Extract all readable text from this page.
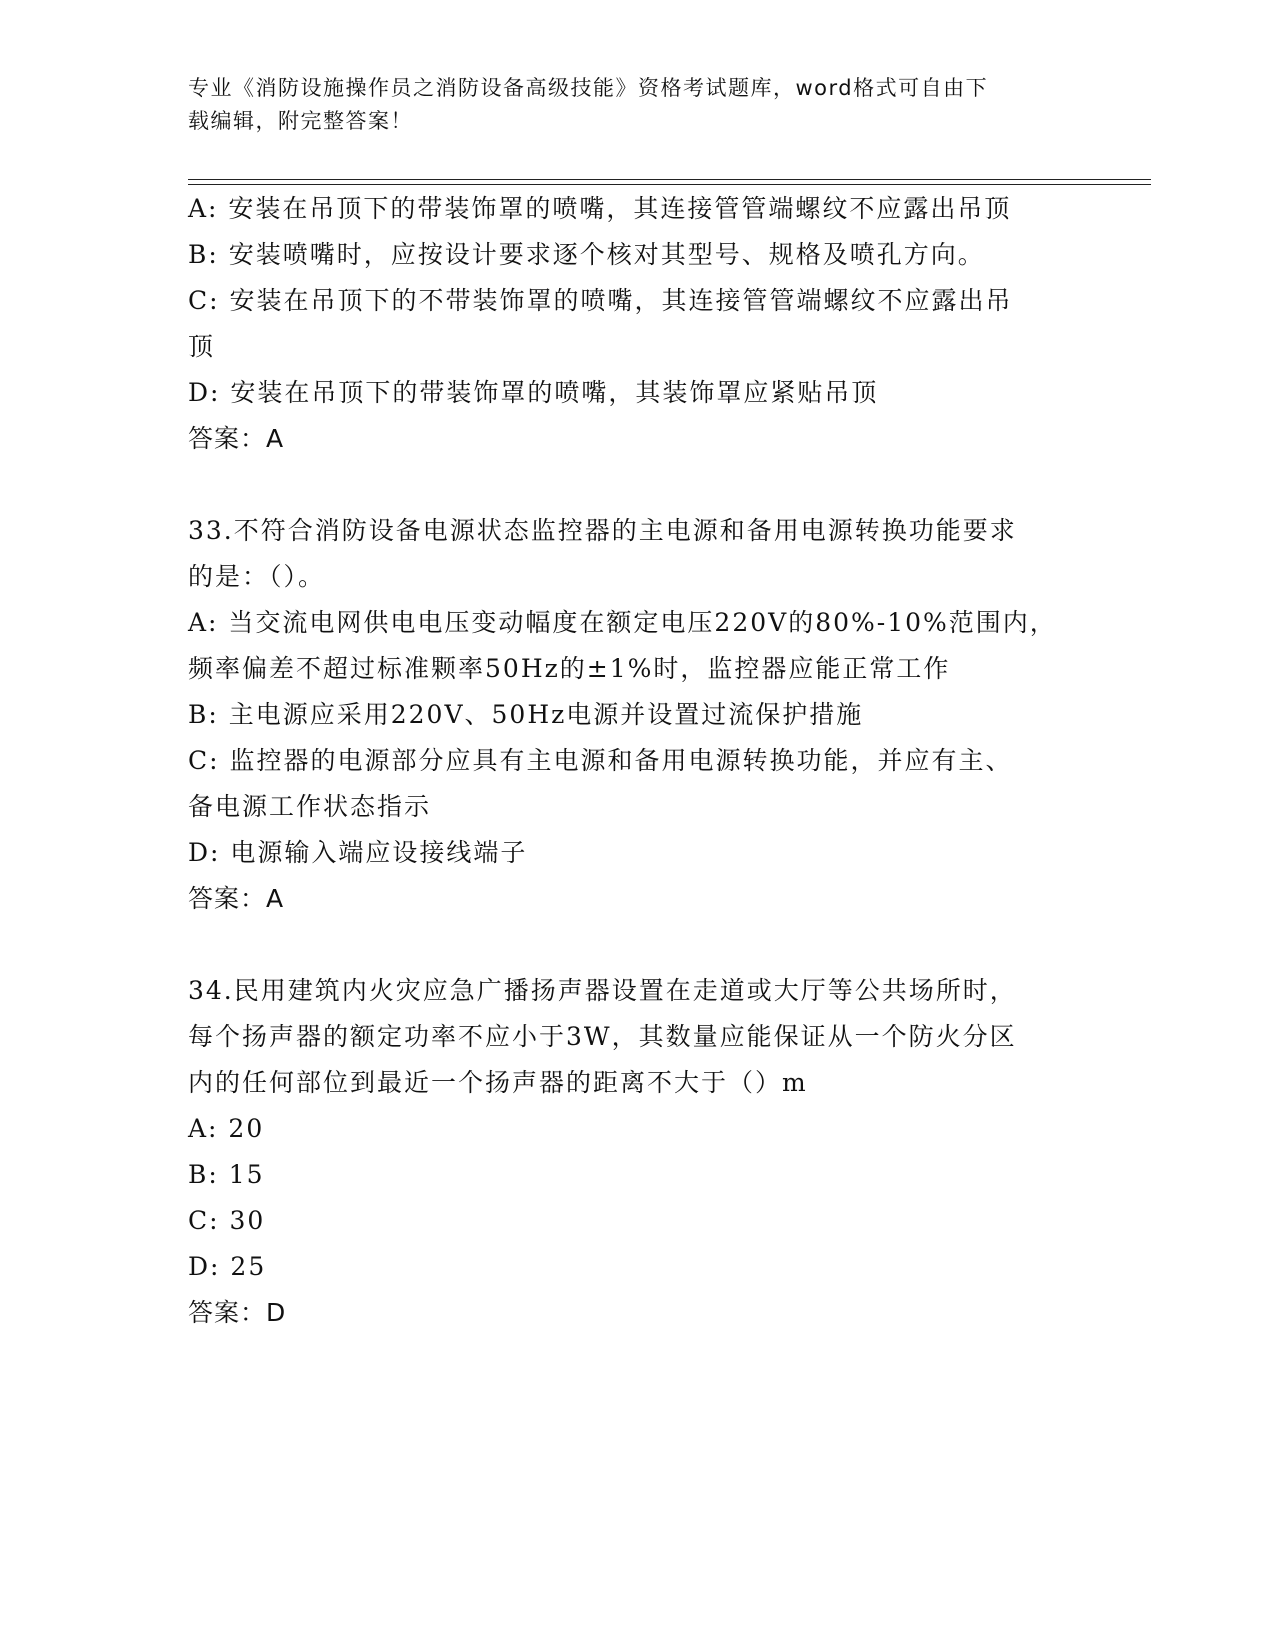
专业《消防设施操作员之消防设备高级技能》资格考试题库，word格式可自由下
载编辑，附完整答案！
A: 安装在吊顶下的带装饰罩的喷嘴，其连接管管端螺纹不应露出吊顶
B: 安装喷嘴时，应按设计要求逐个核对其型号、规格及喷孔方向。
C: 安装在吊顶下的不带装饰罩的喷嘴，其连接管管端螺纹不应露出吊
顶
D: 安装在吊顶下的带装饰罩的喷嘴，其装饰罩应紧贴吊顶
答案：A
33.不符合消防设备电源状态监控器的主电源和备用电源转换功能要求
的是：（）。
A: 当交流电网供电电压变动幅度在额定电压220V的80%-10%范围内，
频率偏差不超过标准颗率50Hz的±1%时，监控器应能正常工作
B: 主电源应采用220V、50Hz电源并设置过流保护措施
C: 监控器的电源部分应具有主电源和备用电源转换功能，并应有主、
备电源工作状态指示
D: 电源输入端应设接线端子
答案：A
34.民用建筑内火灾应急广播扬声器设置在走道或大厅等公共场所时，
每个扬声器的额定功率不应小于3W，其数量应能保证从一个防火分区
内的任何部位到最近一个扬声器的距离不大于（）m
A: 20
B: 15
C: 30
D: 25
答案：D
